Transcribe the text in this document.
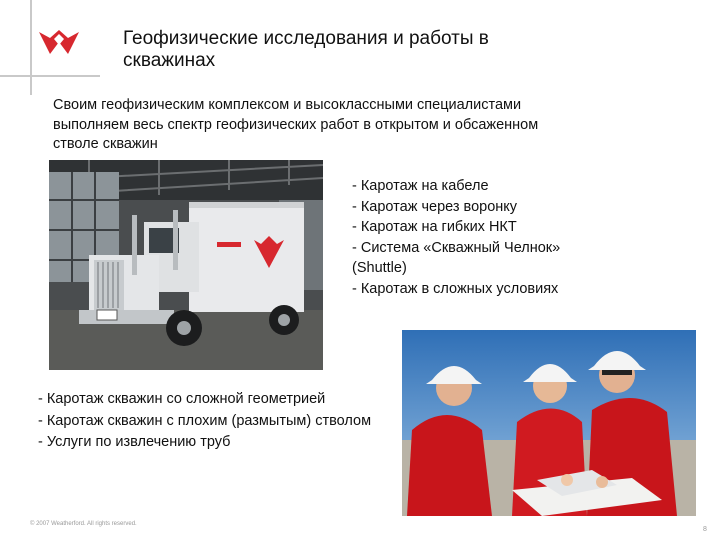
Геофизические исследования и работы в
скважинах
Своим геофизическим комплексом и высокласcными специалистами
выполняем весь спектр геофизических работ в открытом и обсаженном
стволе скважин
- Каротаж на кабеле
- Каротаж через воронку
- Каротаж на гибких НКТ
- Система «Скважный Челнок»
(Shuttle)
- Каротаж в сложных условиях
- Каротаж скважин со сложной геометрией
- Каротаж скважин с плохим (размытым) стволом
- Услуги по извлечению труб
© 2007 Weatherford. All rights reserved.
8
